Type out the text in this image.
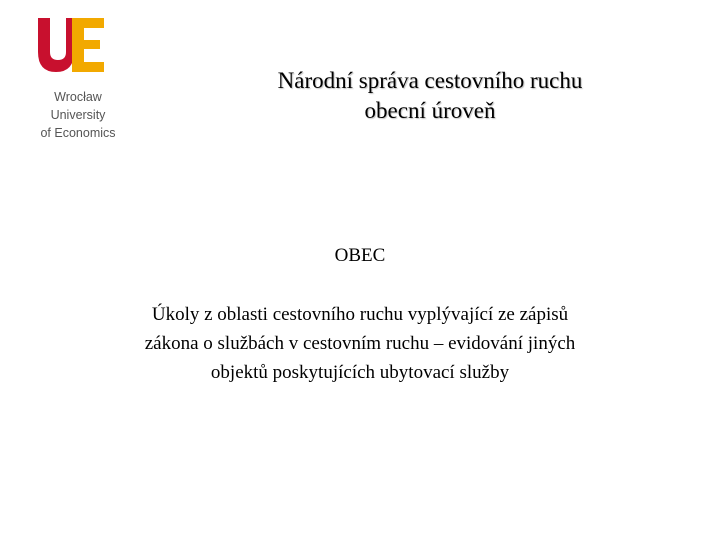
Wrocław
University
of Economics
Národní správa cestovního ruchu
obecní úroveň
OBEC
Úkoly z oblasti cestovního ruchu vyplývající ze zápisů
zákona o službách v cestovním ruchu – evidování jiných
objektů poskytujících ubytovací služby
